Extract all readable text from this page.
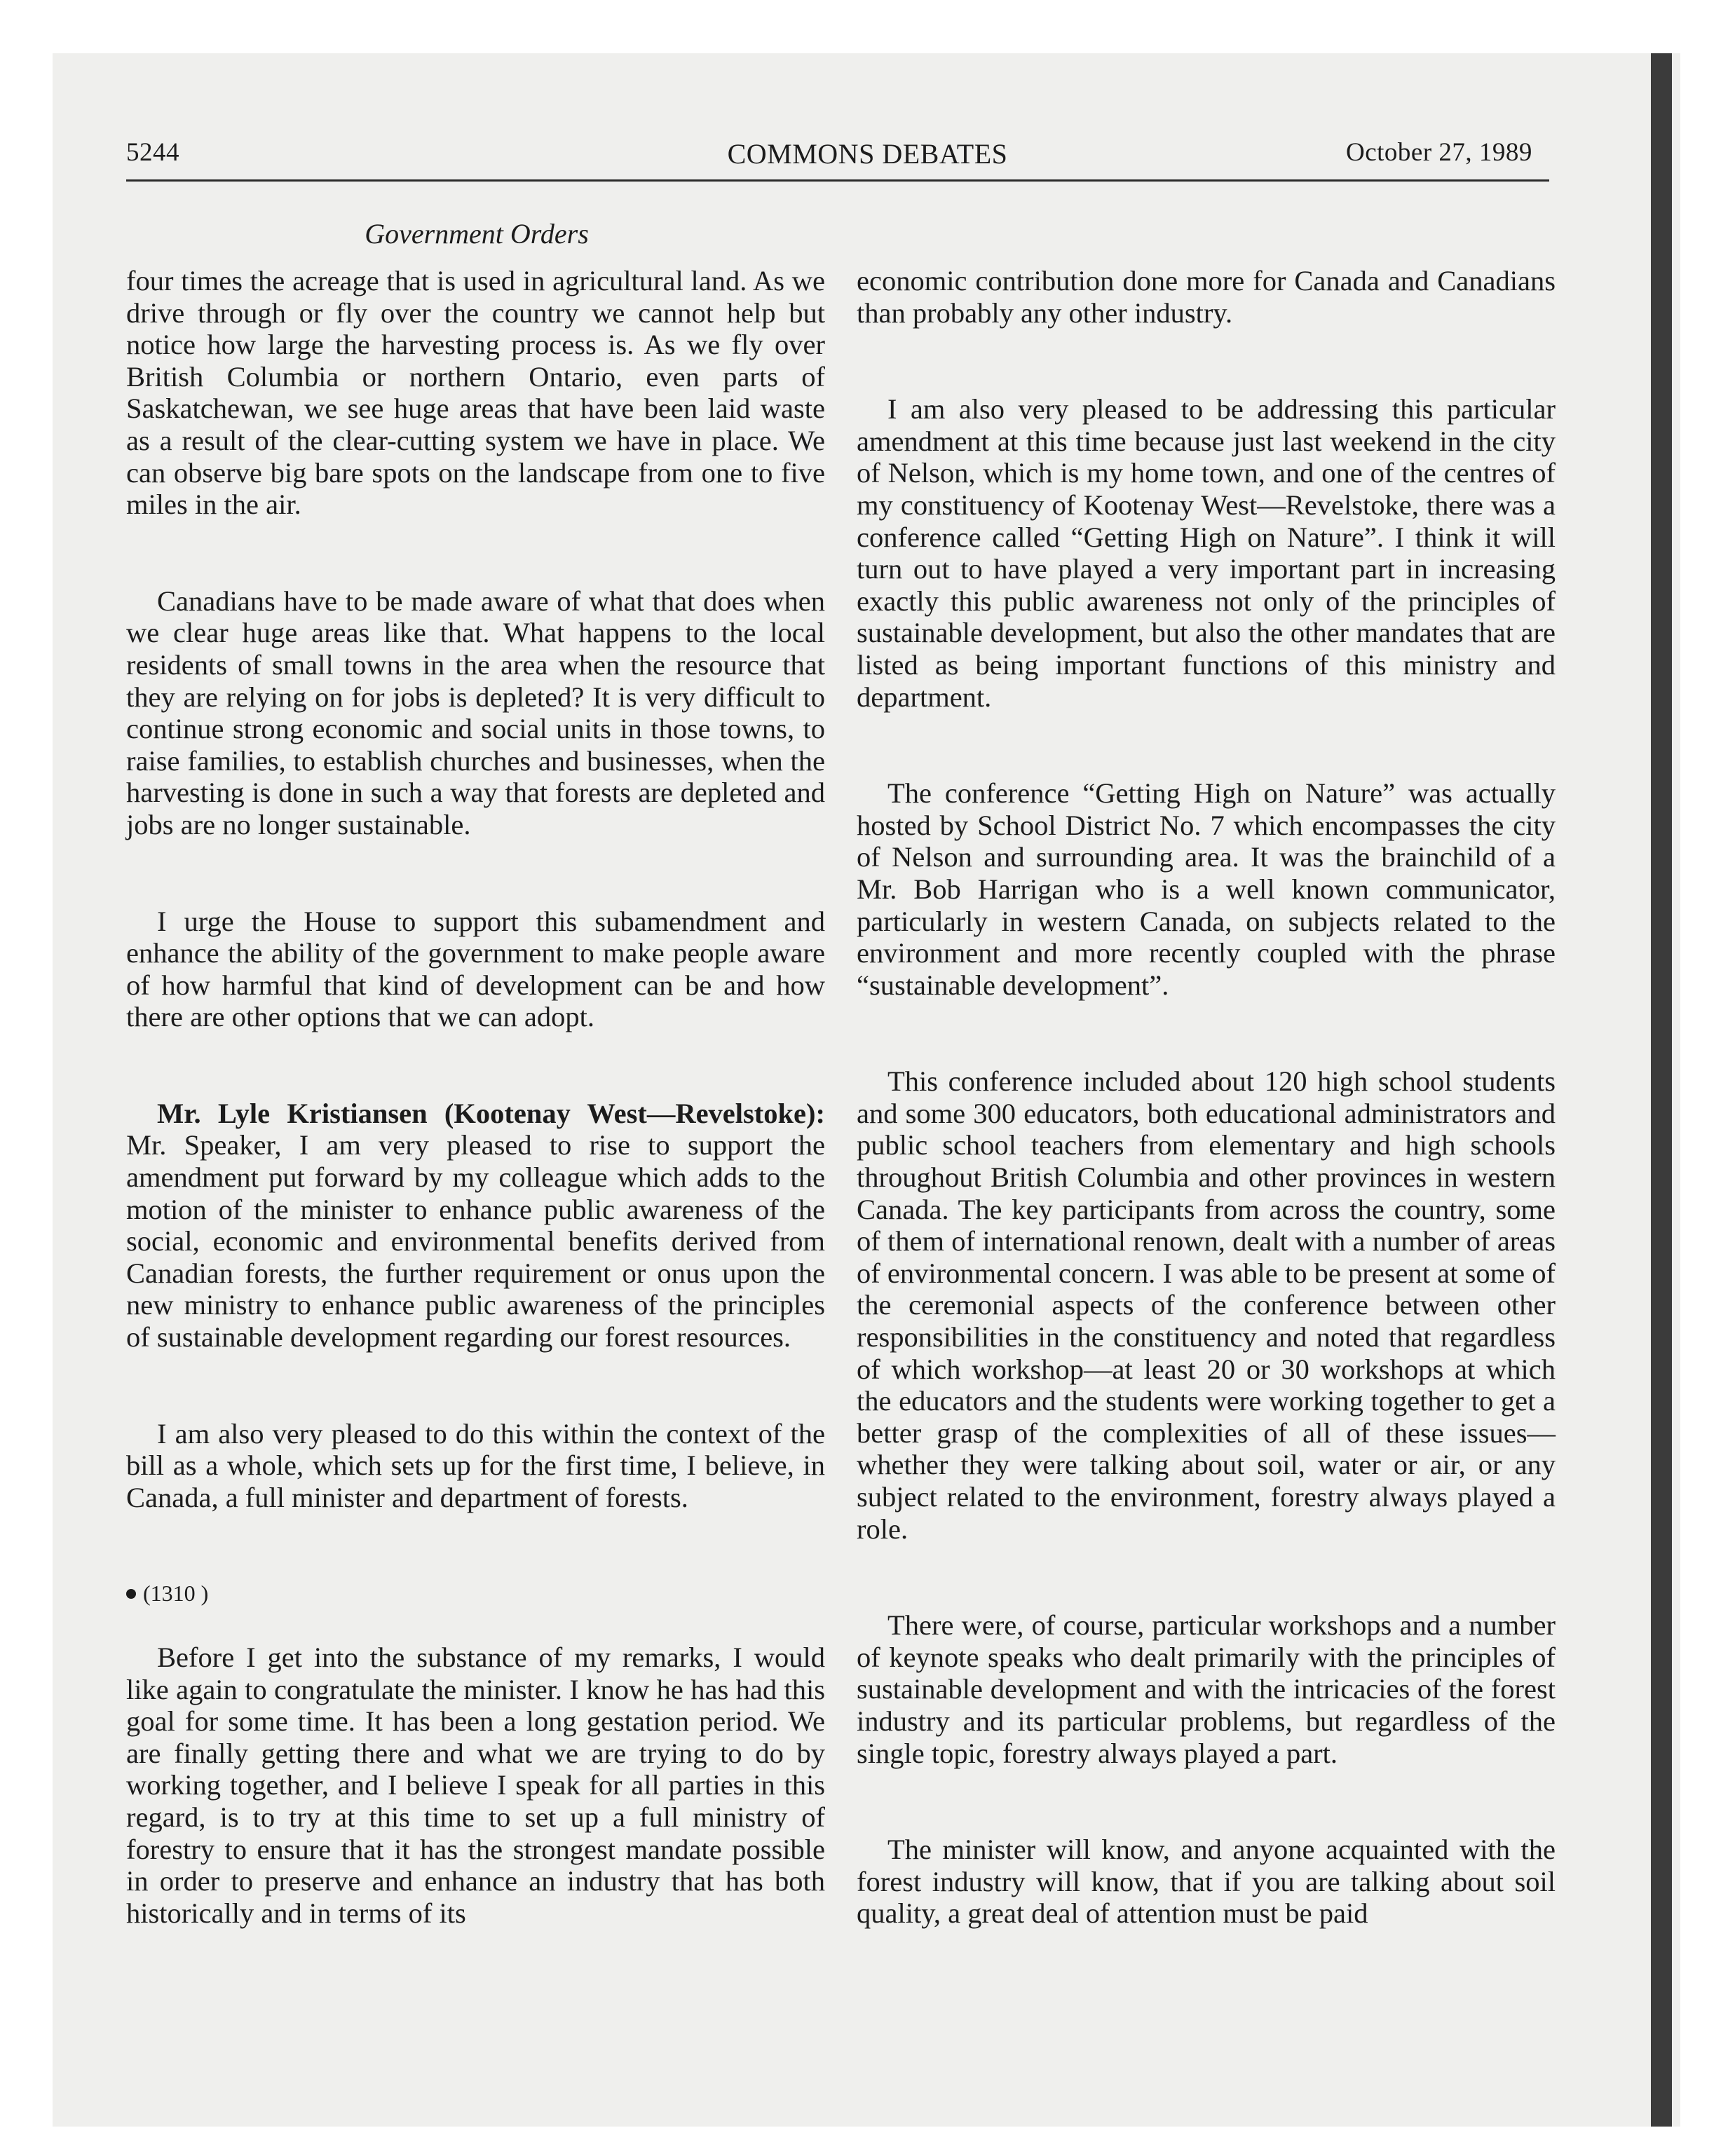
5244	COMMONS DEBATES	October 27, 1989
Government Orders

four times the acreage that is used in agricultural land. As we drive through or fly over the country we cannot help but notice how large the harvesting process is. As we fly over British Columbia or northern Ontario, even parts of Saskatchewan, we see huge areas that have been laid waste as a result of the clear-cutting system we have in place. We can observe big bare spots on the landscape from one to five miles in the air.

Canadians have to be made aware of what that does when we clear huge areas like that. What happens to the local residents of small towns in the area when the resource that they are relying on for jobs is depleted? It is very difficult to continue strong economic and social units in those towns, to raise families, to establish churches and businesses, when the harvesting is done in such a way that forests are depleted and jobs are no longer sustainable.

I urge the House to support this subamendment and enhance the ability of the government to make people aware of how harmful that kind of development can be and how there are other options that we can adopt.

Mr. Lyle Kristiansen (Kootenay West—Revelstoke): Mr. Speaker, I am very pleased to rise to support the amendment put forward by my colleague which adds to the motion of the minister to enhance public awareness of the social, economic and environmental benefits derived from Canadian forests, the further requirement or onus upon the new ministry to enhance public awareness of the principles of sustainable development regarding our forest resources.

I am also very pleased to do this within the context of the bill as a whole, which sets up for the first time, I believe, in Canada, a full minister and department of forests.

(1310 )

Before I get into the substance of my remarks, I would like again to congratulate the minister. I know he has had this goal for some time. It has been a long gestation period. We are finally getting there and what we are trying to do by working together, and I believe I speak for all parties in this regard, is to try at this time to set up a full ministry of forestry to ensure that it has the strongest mandate possible in order to preserve and enhance an industry that has both historically and in terms of its

economic contribution done more for Canada and Canadians than probably any other industry.

I am also very pleased to be addressing this particular amendment at this time because just last weekend in the city of Nelson, which is my home town, and one of the centres of my constituency of Kootenay West—Revelstoke, there was a conference called “Getting High on Nature”. I think it will turn out to have played a very important part in increasing exactly this public awareness not only of the principles of sustainable development, but also the other mandates that are listed as being important functions of this ministry and department.

The conference “Getting High on Nature” was actually hosted by School District No. 7 which encompasses the city of Nelson and surrounding area. It was the brainchild of a Mr. Bob Harrigan who is a well known communicator, particularly in western Canada, on subjects related to the environment and more recently coupled with the phrase “sustainable development”.

This conference included about 120 high school students and some 300 educators, both educational administrators and public school teachers from elementary and high schools throughout British Columbia and other provinces in western Canada. The key participants from across the country, some of them of international renown, dealt with a number of areas of environmental concern. I was able to be present at some of the ceremonial aspects of the conference between other responsibilities in the constituency and noted that regardless of which workshop—at least 20 or 30 workshops at which the educators and the students were working together to get a better grasp of the complexities of all of these issues—whether they were talking about soil, water or air, or any subject related to the environment, forestry always played a role.

There were, of course, particular workshops and a number of keynote speaks who dealt primarily with the principles of sustainable development and with the intricacies of the forest industry and its particular problems, but regardless of the single topic, forestry always played a part.

The minister will know, and anyone acquainted with the forest industry will know, that if you are talking about soil quality, a great deal of attention must be paid
